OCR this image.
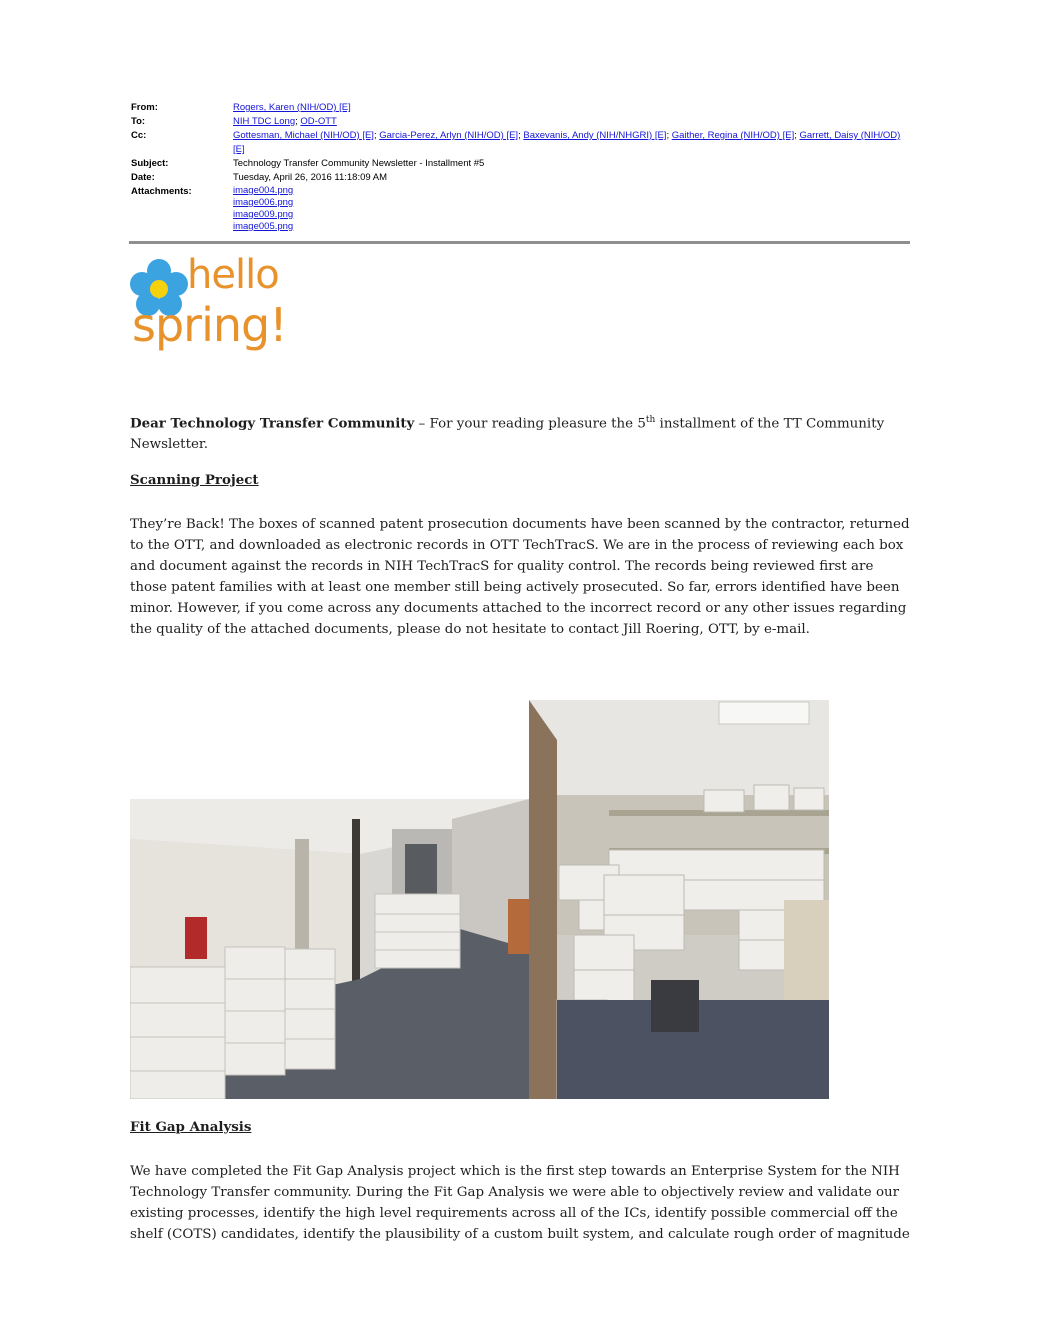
From:	Rogers, Karen (NIH/OD) [E]
To:	NIH TDC Long; OD-OTT
Cc:	Gottesman, Michael (NIH/OD) [E]; Garcia-Perez, Arlyn (NIH/OD) [E]; Baxevanis, Andy (NIH/NHGRI) [E]; Gaither, Regina (NIH/OD) [E]; Garrett, Daisy (NIH/OD) [E]
Subject:	Technology Transfer Community Newsletter - Installment #5
Date:	Tuesday, April 26, 2016 11:18:09 AM
Attachments:	image004.png
image006.png
image009.png
image005.png
hello
spring!
Dear Technology Transfer Community – For your reading pleasure the 5th installment of the TT Community Newsletter.
Scanning Project
They’re Back! The boxes of scanned patent prosecution documents have been scanned by the contractor, returned to the OTT, and downloaded as electronic records in OTT TechTracS. We are in the process of reviewing each box and document against the records in NIH TechTracS for quality control. The records being reviewed first are those patent families with at least one member still being actively prosecuted. So far, errors identified have been minor. However, if you come across any documents attached to the incorrect record or any other issues regarding the quality of the attached documents, please do not hesitate to contact Jill Roering, OTT, by e-mail.
Fit Gap Analysis
We have completed the Fit Gap Analysis project which is the first step towards an Enterprise System for the NIH Technology Transfer community. During the Fit Gap Analysis we were able to objectively review and validate our existing processes, identify the high level requirements across all of the ICs, identify possible commercial off the shelf (COTS) candidates, identify the plausibility of a custom built system, and calculate rough order of magnitude
